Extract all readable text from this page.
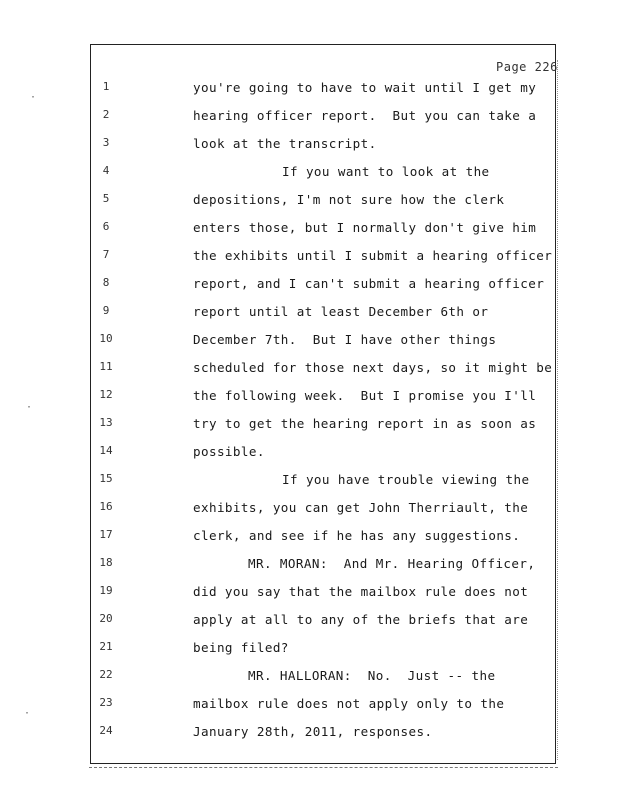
·
·
·
Page 226
1	you're going to have to wait until I get my
2	hearing officer report.  But you can take a
3	look at the transcript.
4	If you want to look at the
5	depositions, I'm not sure how the clerk
6	enters those, but I normally don't give him
7	the exhibits until I submit a hearing officer
8	report, and I can't submit a hearing officer
9	report until at least December 6th or
10	December 7th.  But I have other things
11	scheduled for those next days, so it might be
12	the following week.  But I promise you I'll
13	try to get the hearing report in as soon as
14	possible.
15	If you have trouble viewing the
16	exhibits, you can get John Therriault, the
17	clerk, and see if he has any suggestions.
18	MR. MORAN:  And Mr. Hearing Officer,
19	did you say that the mailbox rule does not
20	apply at all to any of the briefs that are
21	being filed?
22	MR. HALLORAN:  No.  Just -- the
23	mailbox rule does not apply only to the
24	January 28th, 2011, responses.
